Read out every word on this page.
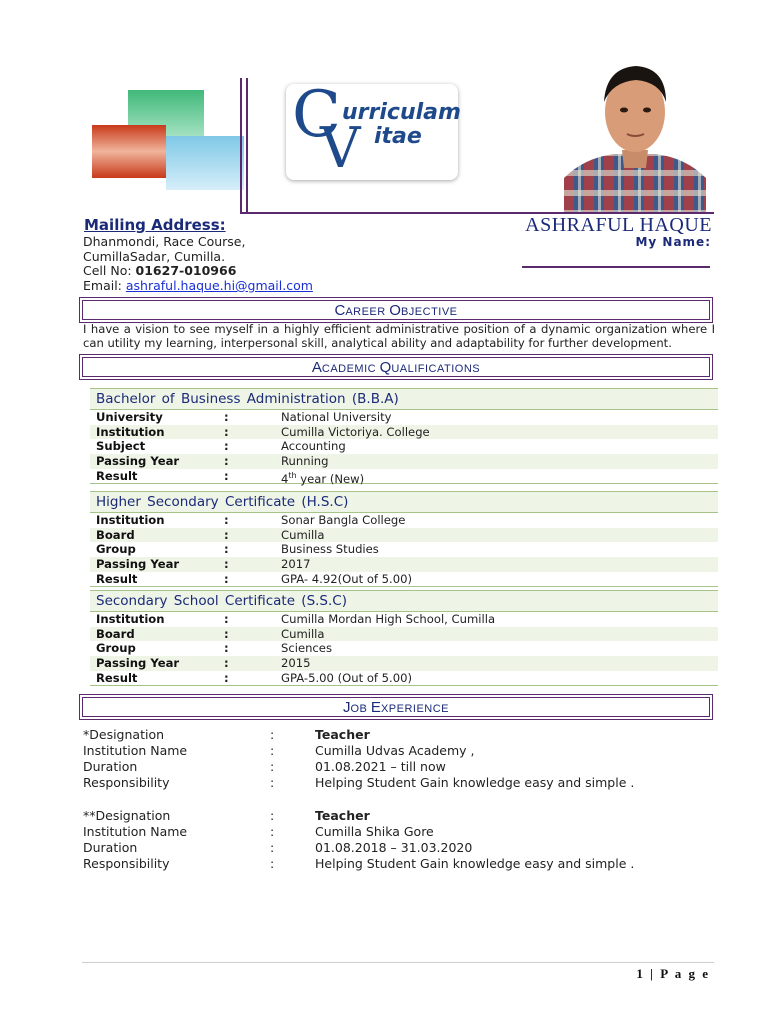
C urriculam
V itae
Mailing Address:
Dhanmondi, Race Course,
CumillaSadar, Cumilla.
Cell No: 01627-010966
Email: ashraful.haque.hi@gmail.com
ASHRAFUL HAQUE
My Name:
CAREER OBJECTIVE
I have a vision to see myself in a highly efficient administrative position of a dynamic organization where I can utility my learning, interpersonal skill, analytical ability and adaptability for further development.
ACADEMIC QUALIFICATIONS
Bachelor of Business Administration (B.B.A)
University	:	National University
Institution	:	Cumilla Victoriya. College
Subject	:	Accounting
Passing Year	:	Running
Result	:	4th year (New)
Higher Secondary Certificate (H.S.C)
Institution	:	Sonar Bangla College
Board	:	Cumilla
Group	:	Business Studies
Passing Year	:	2017
Result	:	GPA- 4.92(Out of 5.00)
Secondary School Certificate (S.S.C)
Institution	:	Cumilla Mordan High School, Cumilla
Board	:	Cumilla
Group	:	Sciences
Passing Year	:	2015
Result	:	GPA-5.00 (Out of 5.00)
JOB EXPERIENCE
*Designation	:	Teacher
Institution Name	:	Cumilla Udvas Academy ,
Duration	:	01.08.2021 – till now
Responsibility	:	Helping Student Gain knowledge easy and simple .
**Designation	:	Teacher
Institution Name	:	Cumilla Shika Gore
Duration	:	01.08.2018 – 31.03.2020
Responsibility	:	Helping Student Gain knowledge easy and simple .
1 | P a g e
